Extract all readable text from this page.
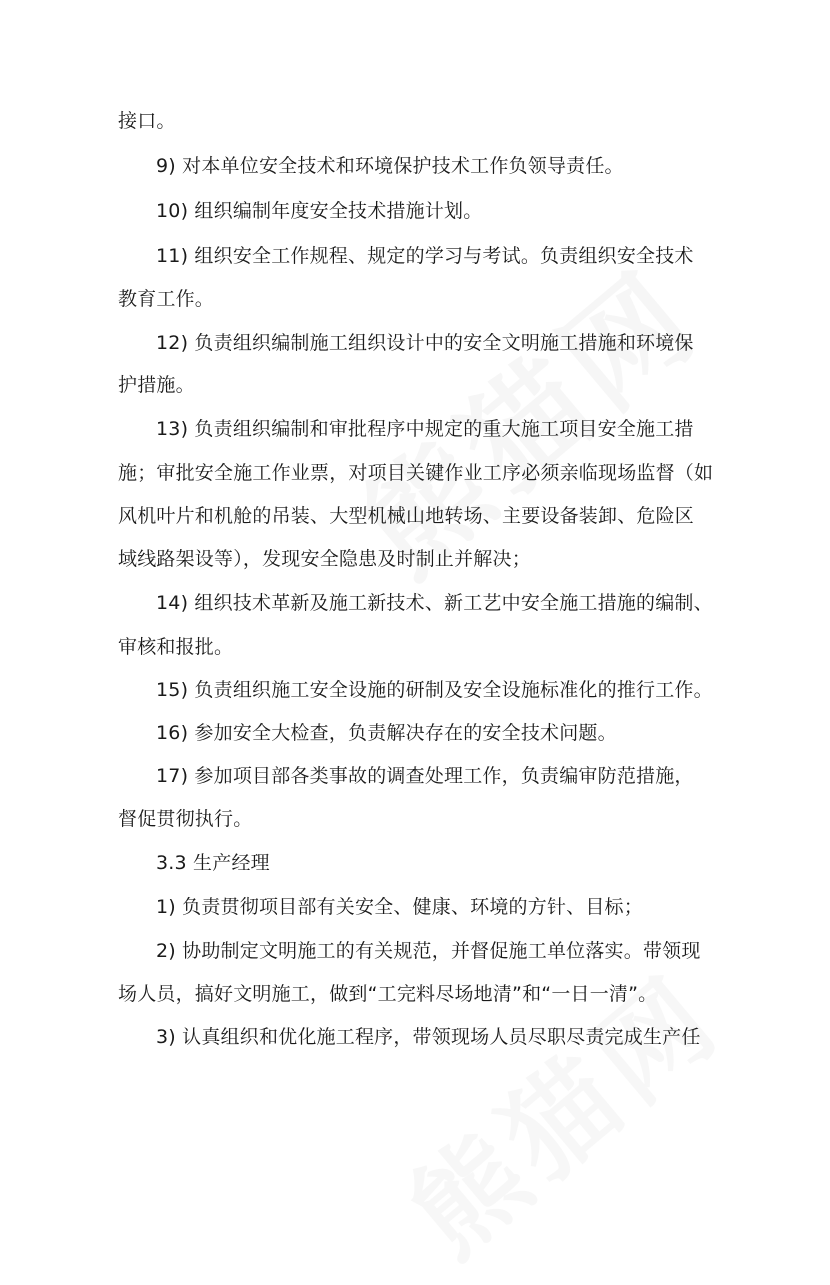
接口。
9) 对本单位安全技术和环境保护技术工作负领导责任。
10) 组织编制年度安全技术措施计划。
11) 组织安全工作规程、规定的学习与考试。负责组织安全技术
教育工作。
12) 负责组织编制施工组织设计中的安全文明施工措施和环境保
护措施。
13) 负责组织编制和审批程序中规定的重大施工项目安全施工措
施；审批安全施工作业票，对项目关键作业工序必须亲临现场监督（如
风机叶片和机舱的吊装、大型机械山地转场、主要设备装卸、危险区
域线路架设等），发现安全隐患及时制止并解决；
14) 组织技术革新及施工新技术、新工艺中安全施工措施的编制、
审核和报批。
15) 负责组织施工安全设施的研制及安全设施标准化的推行工作。
16) 参加安全大检查，负责解决存在的安全技术问题。
17) 参加项目部各类事故的调查处理工作，负责编审防范措施，
督促贯彻执行。
3.3 生产经理
1) 负责贯彻项目部有关安全、健康、环境的方针、目标；
2) 协助制定文明施工的有关规范，并督促施工单位落实。带领现
场人员，搞好文明施工，做到“工完料尽场地清”和“一日一清”。
3) 认真组织和优化施工程序，带领现场人员尽职尽责完成生产任
